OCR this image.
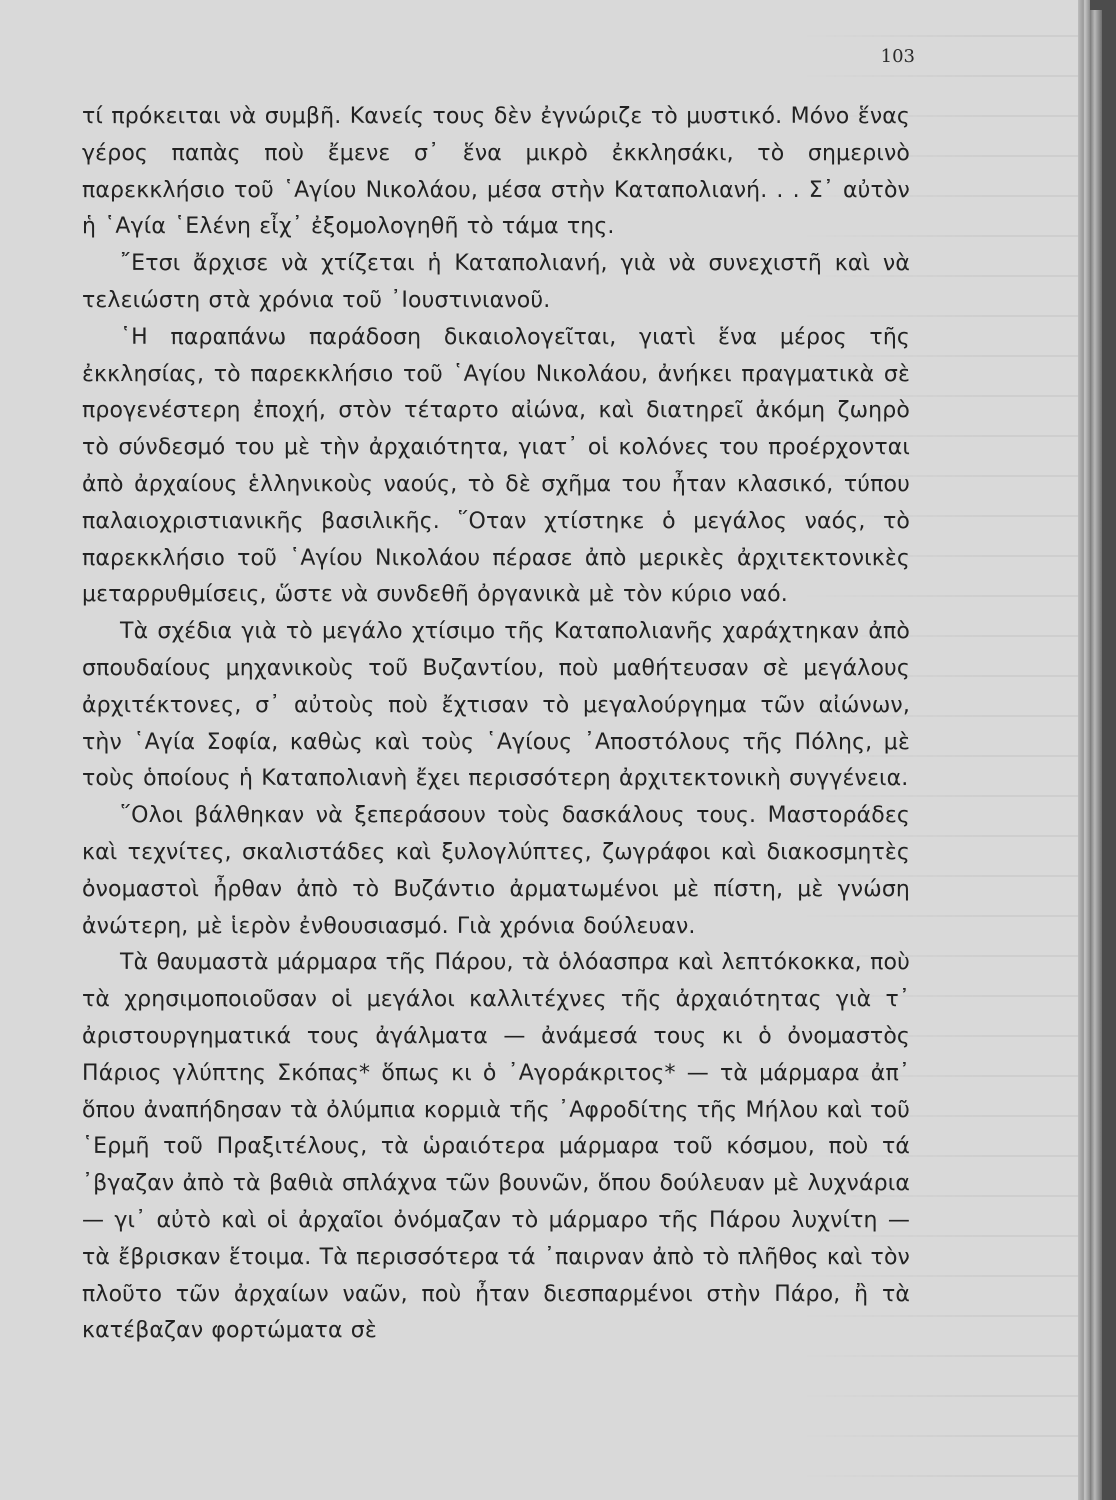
103

τί πρόκειται νὰ συμβῆ. Κανείς τους δὲν ἐγνώριζε τὸ μυστικό. Μόνο ἕνας γέρος παπὰς ποὺ ἔμενε σ᾽ ἕνα μικρὸ ἐκκλησάκι, τὸ σημερινὸ παρεκκλήσιο τοῦ ῾Αγίου Νικολάου, μέσα στὴν Καταπολιανή. . . Σ᾽ αὐτὸν ἡ ῾Αγία ῾Ελένη εἶχ᾽ ἐξομολογηθῆ τὸ τάμα της.

῎Ετσι ἄρχισε νὰ χτίζεται ἡ Καταπολιανή, γιὰ νὰ συνεχιστῆ καὶ νὰ τελειώστη στὰ χρόνια τοῦ ᾽Ιουστινιανοῦ.

῾Η παραπάνω παράδοση δικαιολογεῖται, γιατὶ ἕνα μέρος τῆς ἐκκλησίας, τὸ παρεκκλήσιο τοῦ ῾Αγίου Νικολάου, ἀνήκει πραγματικὰ σὲ προγενέστερη ἐποχή, στὸν τέταρτο αἰώνα, καὶ διατηρεῖ ἀκόμη ζωηρὸ τὸ σύνδεσμό του μὲ τὴν ἀρχαιότητα, γιατ᾽ οἱ κολόνες του προέρχονται ἀπὸ ἀρχαίους ἑλληνικοὺς ναούς, τὸ δὲ σχῆμα του ἦταν κλασικό, τύπου παλαιοχριστιανικῆς βασιλικῆς. ῞Οταν χτίστηκε ὁ μεγάλος ναός, τὸ παρεκκλήσιο τοῦ ῾Αγίου Νικολάου πέρασε ἀπὸ μερικὲς ἀρχιτεκτονικὲς μεταρρυθμίσεις, ὥστε νὰ συνδεθῆ ὀργανικὰ μὲ τὸν κύριο ναό.

Τὰ σχέδια γιὰ τὸ μεγάλο χτίσιμο τῆς Καταπολιανῆς χαράχτηκαν ἀπὸ σπουδαίους μηχανικοὺς τοῦ Βυζαντίου, ποὺ μαθήτευσαν σὲ μεγάλους ἀρχιτέκτονες, σ᾽ αὐτοὺς ποὺ ἔχτισαν τὸ μεγαλούργημα τῶν αἰώνων, τὴν ῾Αγία Σοφία, καθὼς καὶ τοὺς ῾Αγίους ᾽Αποστόλους τῆς Πόλης, μὲ τοὺς ὁποίους ἡ Καταπολιανὴ ἔχει περισσότερη ἀρχιτεκτονικὴ συγγένεια.

῞Ολοι βάλθηκαν νὰ ξεπεράσουν τοὺς δασκάλους τους. Μαστοράδες καὶ τεχνίτες, σκαλιστάδες καὶ ξυλογλύπτες, ζωγράφοι καὶ διακοσμητὲς ὀνομαστοὶ ἦρθαν ἀπὸ τὸ Βυζάντιο ἀρματωμένοι μὲ πίστη, μὲ γνώση ἀνώτερη, μὲ ἱερὸν ἐνθουσιασμό. Γιὰ χρόνια δούλευαν.

Τὰ θαυμαστὰ μάρμαρα τῆς Πάρου, τὰ ὁλόασπρα καὶ λεπτόκοκκα, ποὺ τὰ χρησιμοποιοῦσαν οἱ μεγάλοι καλλιτέχνες τῆς ἀρχαιότητας γιὰ τ᾽ ἀριστουργηματικά τους ἀγάλματα — ἀνάμεσά τους κι ὁ ὀνομαστὸς Πάριος γλύπτης Σκόπας* ὅπως κι ὁ ᾽Αγοράκριτος* — τὰ μάρμαρα ἀπ᾽ ὅπου ἀναπήδησαν τὰ ὀλύμπια κορμιὰ τῆς ᾽Αφροδίτης τῆς Μήλου καὶ τοῦ ῾Ερμῆ τοῦ Πραξιτέλους, τὰ ὡραιότερα μάρμαρα τοῦ κόσμου, ποὺ τά ᾽βγαζαν ἀπὸ τὰ βαθιὰ σπλάχνα τῶν βουνῶν, ὅπου δούλευαν μὲ λυχνάρια — γι᾽ αὐτὸ καὶ οἱ ἀρχαῖοι ὀνόμαζαν τὸ μάρμαρο τῆς Πάρου λυχνίτη — τὰ ἔβρισκαν ἕτοιμα. Τὰ περισσότερα τά ᾽παιρναν ἀπὸ τὸ πλῆθος καὶ τὸν πλοῦτο τῶν ἀρχαίων ναῶν, ποὺ ἦταν διεσπαρμένοι στὴν Πάρο, ἢ τὰ κατέβαζαν φορτώματα σὲ
